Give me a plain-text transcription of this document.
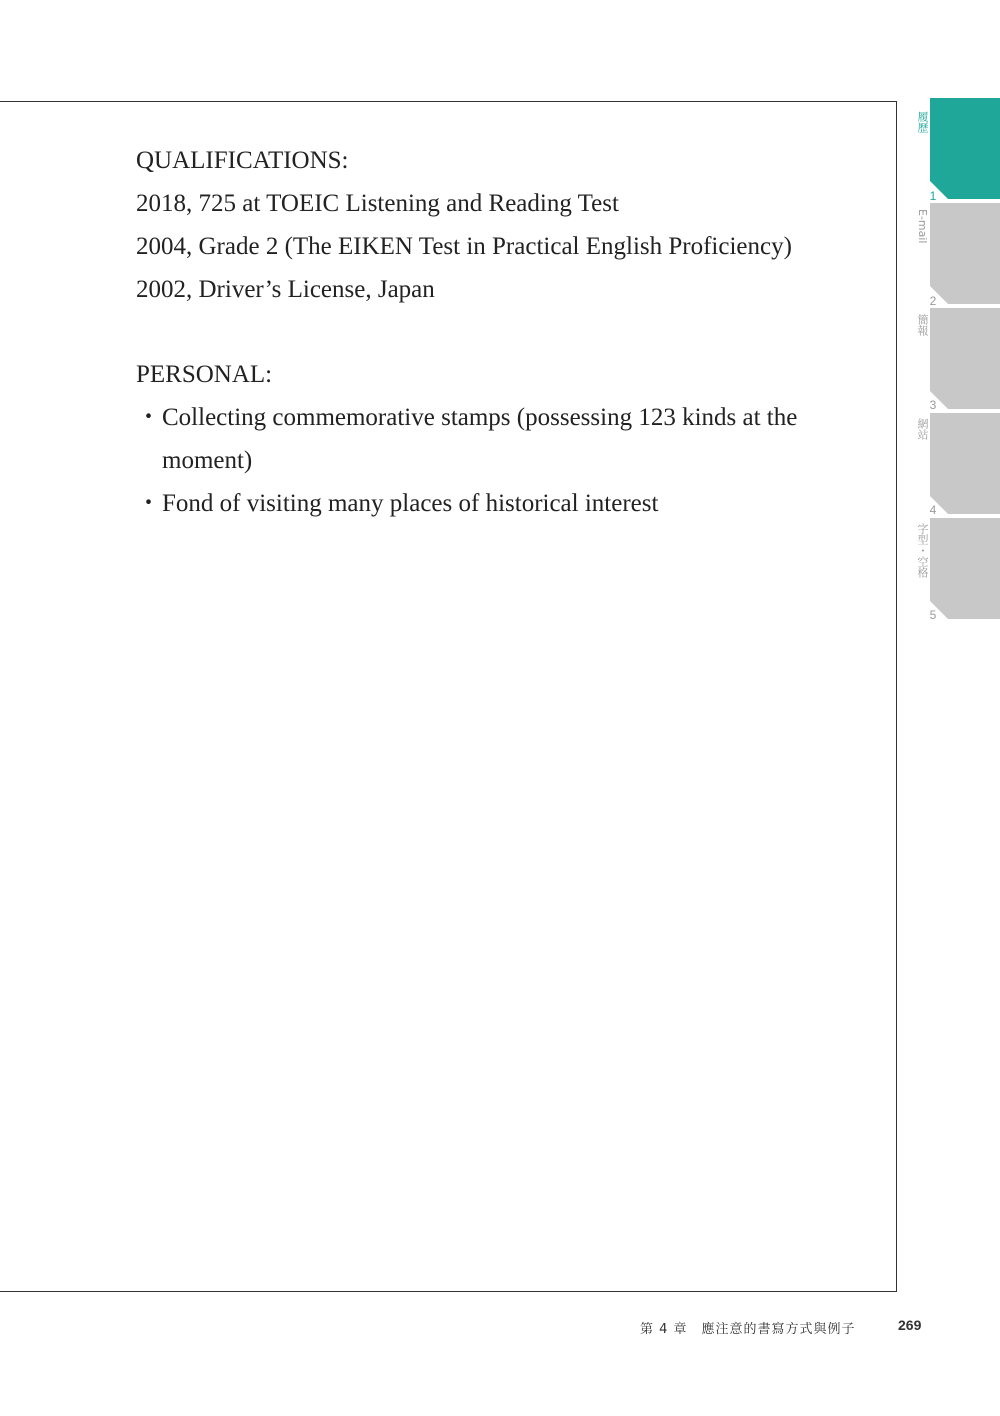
QUALIFICATIONS:
2018, 725 at TOEIC Listening and Reading Test
2004, Grade 2 (The EIKEN Test in Practical English Proficiency)
2002, Driver’s License, Japan
PERSONAL:
・ Collecting commemorative stamps (possessing 123 kinds at the
moment)
・ Fond of visiting many places of historical interest
履歷
1
E-mail
2
簡報
3
網站
4
字型・空格
5
第 4 章　應注意的書寫方式與例子	269
